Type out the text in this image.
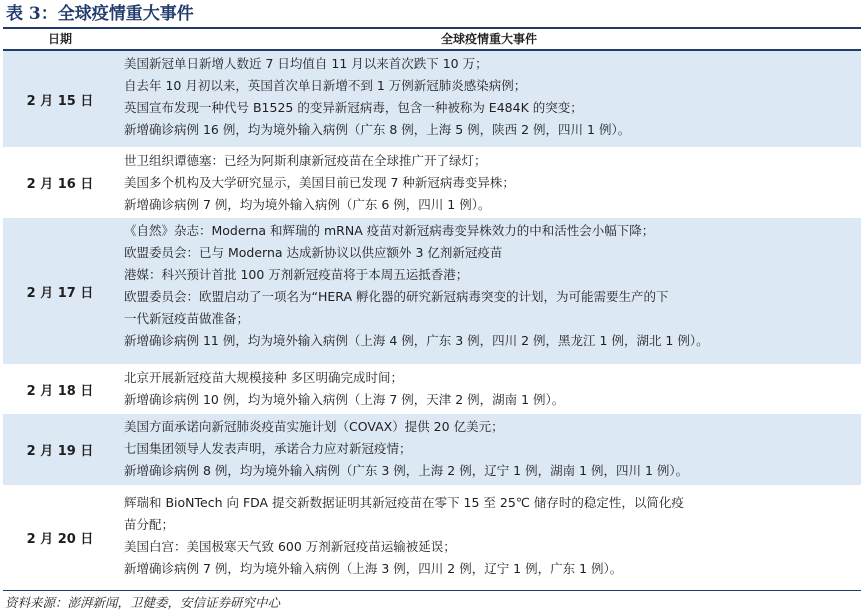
表 3：全球疫情重大事件
日期	全球疫情重大事件
2 月 15 日
美国新冠单日新增人数近 7 日均值自 11 月以来首次跌下 10 万；
自去年 10 月初以来，英国首次单日新增不到 1 万例新冠肺炎感染病例；
英国宣布发现一种代号 B1525 的变异新冠病毒，包含一种被称为 E484K 的突变；
新增确诊病例 16 例，均为境外输入病例（广东 8 例，上海 5 例，陕西 2 例，四川 1 例）。
2 月 16 日
世卫组织谭德塞：已经为阿斯利康新冠疫苗在全球推广开了绿灯；
美国多个机构及大学研究显示，美国目前已发现 7 种新冠病毒变异株；
新增确诊病例 7 例，均为境外输入病例（广东 6 例，四川 1 例）。
2 月 17 日
《自然》杂志：Moderna 和辉瑞的 mRNA 疫苗对新冠病毒变异株效力的中和活性会小幅下降；
欧盟委员会：已与 Moderna 达成新协议以供应额外 3 亿剂新冠疫苗
港媒：科兴预计首批 100 万剂新冠疫苗将于本周五运抵香港；
欧盟委员会：欧盟启动了一项名为“HERA 孵化器的研究新冠病毒突变的计划，为可能需要生产的下
一代新冠疫苗做准备；
新增确诊病例 11 例，均为境外输入病例（上海 4 例，广东 3 例，四川 2 例，黑龙江 1 例，湖北 1 例）。
2 月 18 日
北京开展新冠疫苗大规模接种 多区明确完成时间；
新增确诊病例 10 例，均为境外输入病例（上海 7 例，天津 2 例，湖南 1 例）。
2 月 19 日
美国方面承诺向新冠肺炎疫苗实施计划（COVAX）提供 20 亿美元；
七国集团领导人发表声明，承诺合力应对新冠疫情；
新增确诊病例 8 例，均为境外输入病例（广东 3 例，上海 2 例，辽宁 1 例，湖南 1 例，四川 1 例）。
2 月 20 日
辉瑞和 BioNTech 向 FDA 提交新数据证明其新冠疫苗在零下 15 至 25℃ 储存时的稳定性，以简化疫
苗分配；
美国白宫：美国极寒天气致 600 万剂新冠疫苗运输被延误；
新增确诊病例 7 例，均为境外输入病例（上海 3 例，四川 2 例，辽宁 1 例，广东 1 例）。
资料来源：澎湃新闻，卫健委，安信证券研究中心
